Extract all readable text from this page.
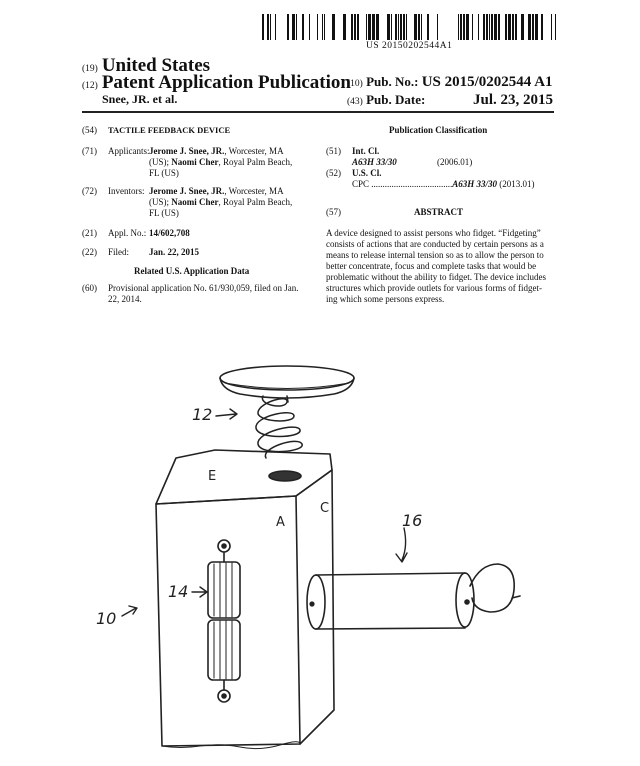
US 20150202544A1
(19) United States
(12) Patent Application Publication
Snee, JR. et al.
(10) Pub. No.: US 2015/0202544 A1
(43) Pub. Date:	Jul. 23, 2015
(54) TACTILE FEEDBACK DEVICE
(71) Applicants: Jerome J. Snee, JR., Worcester, MA
(US); Naomi Cher, Royal Palm Beach,
FL (US)
(72) Inventors: Jerome J. Snee, JR., Worcester, MA
(US); Naomi Cher, Royal Palm Beach,
FL (US)
(21) Appl. No.: 14/602,708
(22) Filed: Jan. 22, 2015
Related U.S. Application Data
(60) Provisional application No. 61/930,059, filed on Jan.
22, 2014.
Publication Classification
(51) Int. Cl.
A63H 33/30	(2006.01)
(52) U.S. Cl.
CPC ....................................A63H 33/30 (2013.01)
(57)	ABSTRACT
A device designed to assist persons who fidget. “Fidgeting”
consists of actions that are conducted by certain persons as a
means to release internal tension so as to allow the person to
better concentrate, focus and complete tasks that would be
problematic without the ability to fidget. The device includes
structures which provide outlets for various forms of fidget-
ing which some persons express.
12
16
14
10
E
A
C
